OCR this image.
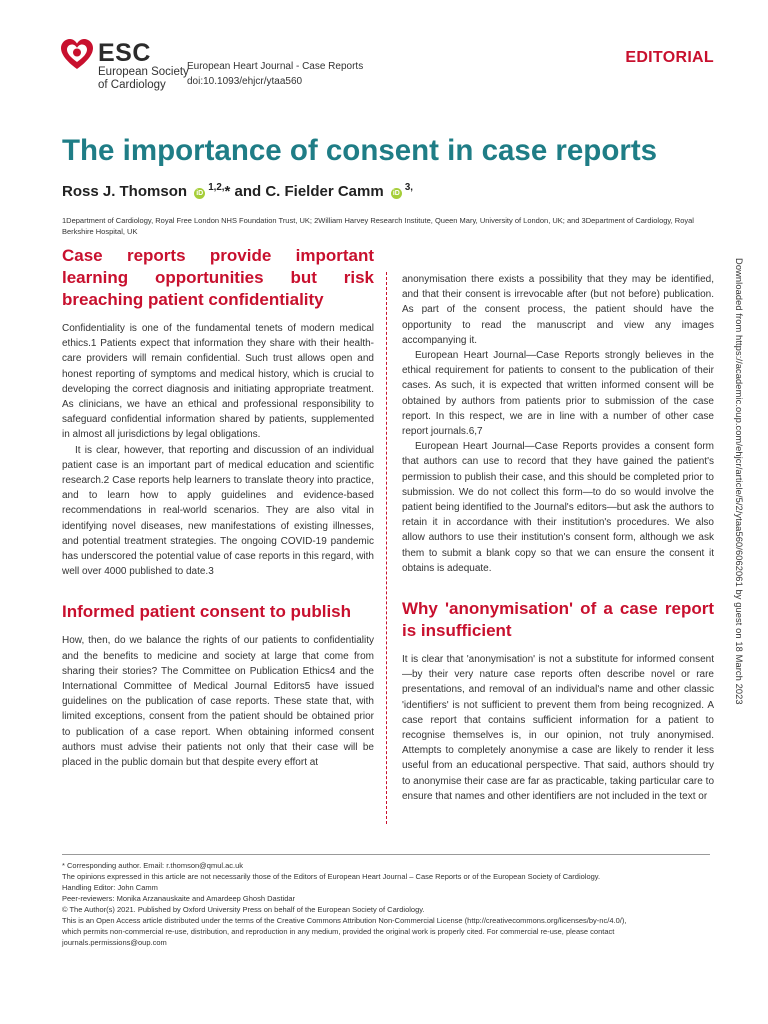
ESC
European Society
of Cardiology
European Heart Journal - Case Reports
doi:10.1093/ehjcr/ytaa560
EDITORIAL
The importance of consent in case reports
Ross J. Thomson $iD^{1,2,}*$ and C. Fielder Camm $iD^{3,}$
1Department of Cardiology, Royal Free London NHS Foundation Trust, UK; 2William Harvey Research Institute, Queen Mary, University of London, UK; and 3Department of Cardiology, Royal Berkshire Hospital, UK

Case reports provide important learning opportunities but risk breaching patient confidentiality

Confidentiality is one of the fundamental tenets of modern medical ethics.1 Patients expect that information they share with their health-care providers will remain confidential. Such trust allows open and honest reporting of symptoms and medical history, which is crucial to developing the correct diagnosis and initiating appropriate treatment. As clinicians, we have an ethical and professional responsibility to safeguard confidential information shared by patients, supplemented in almost all jurisdictions by legal obligations.

It is clear, however, that reporting and discussion of an individual patient case is an important part of medical education and scientific research.2 Case reports help learners to translate theory into practice, and to learn how to apply guidelines and evidence-based recommendations in real-world scenarios. They are also vital in identifying novel diseases, new manifestations of existing illnesses, and potential treatment strategies. The ongoing COVID-19 pandemic has underscored the potential value of case reports in this regard, with well over 4000 published to date.3

Informed patient consent to publish

How, then, do we balance the rights of our patients to confidentiality and the benefits to medicine and society at large that come from sharing their stories? The Committee on Publication Ethics4 and the International Committee of Medical Journal Editors5 have issued guidelines on the publication of case reports. These state that, with limited exceptions, consent from the patient should be obtained prior to publication of a case report. When obtaining informed consent authors must advise their patients not only that their case will be placed in the public domain but that despite every effort at

anonymisation there exists a possibility that they may be identified, and that their consent is irrevocable after (but not before) publication. As part of the consent process, the patient should have the opportunity to read the manuscript and view any images accompanying it.

European Heart Journal—Case Reports strongly believes in the ethical requirement for patients to consent to the publication of their cases. As such, it is expected that written informed consent will be obtained by authors from patients prior to submission of the case report. In this respect, we are in line with a number of other case report journals.6,7

European Heart Journal—Case Reports provides a consent form that authors can use to record that they have gained the patient's permission to publish their case, and this should be completed prior to submission. We do not collect this form—to do so would involve the patient being identified to the Journal's editors—but ask the authors to retain it in accordance with their institution's procedures. We also allow authors to use their institution's consent form, although we ask them to submit a blank copy so that we can ensure the consent it obtains is adequate.

Why 'anonymisation' of a case report is insufficient

It is clear that 'anonymisation' is not a substitute for informed consent—by their very nature case reports often describe novel or rare presentations, and removal of an individual's name and other classic 'identifiers' is not sufficient to prevent them from being recognized. A case report that contains sufficient information for a patient to recognise themselves is, in our opinion, not truly anonymised. Attempts to completely anonymise a case are likely to render it less useful from an educational perspective. That said, authors should try to anonymise their case are far as practicable, taking particular care to ensure that names and other identifiers are not included in the text or

* Corresponding author. Email: r.thomson@qmul.ac.uk
The opinions expressed in this article are not necessarily those of the Editors of European Heart Journal – Case Reports or of the European Society of Cardiology.
Handling Editor: John Camm
Peer-reviewers: Monika Arzanauskaite and Amardeep Ghosh Dastidar
© The Author(s) 2021. Published by Oxford University Press on behalf of the European Society of Cardiology.
This is an Open Access article distributed under the terms of the Creative Commons Attribution Non-Commercial License (http://creativecommons.org/licenses/by-nc/4.0/),
which permits non-commercial re-use, distribution, and reproduction in any medium, provided the original work is properly cited. For commercial re-use, please contact
journals.permissions@oup.com
Downloaded from https://academic.oup.com/ehjcr/article/5/2/ytaa560/6062061 by guest on 18 March 2023
